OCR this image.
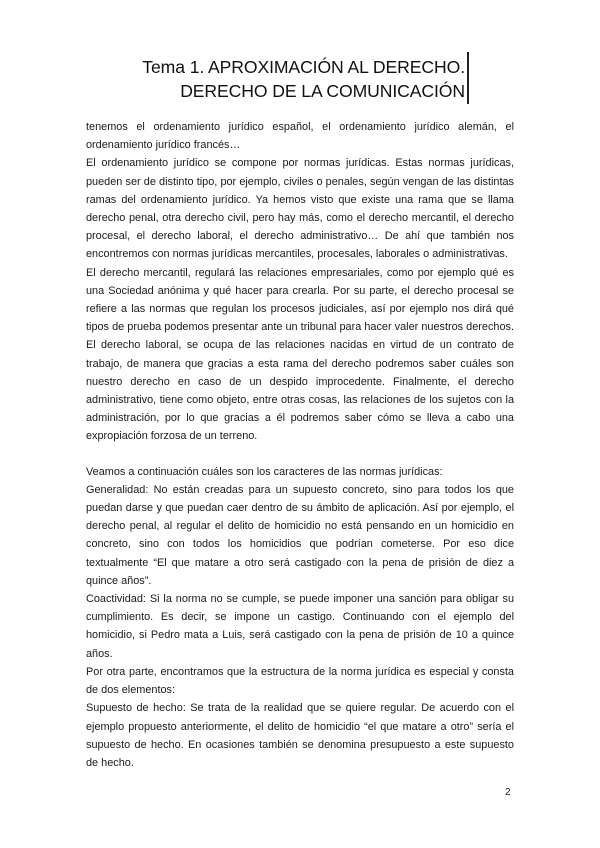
Tema 1. APROXIMACIÓN AL DERECHO.
DERECHO DE LA COMUNICACIÓN

tenemos el ordenamiento jurídico español, el ordenamiento jurídico alemán, el ordenamiento jurídico francés…

El ordenamiento jurídico se compone por normas jurídicas. Estas normas jurídicas, pueden ser de distinto tipo, por ejemplo, civiles o penales, según vengan de las distintas ramas del ordenamiento jurídico. Ya hemos visto que existe una rama que se llama derecho penal, otra derecho civil, pero hay más, como el derecho mercantil, el derecho procesal, el derecho laboral, el derecho administrativo… De ahí que también nos encontremos con normas jurídicas mercantiles, procesales, laborales o administrativas.

El derecho mercantil, regulará las relaciones empresariales, como por ejemplo qué es una Sociedad anónima y qué hacer para crearla. Por su parte, el derecho procesal se refiere a las normas que regulan los procesos judiciales, así por ejemplo nos dirá qué tipos de prueba podemos presentar ante un tribunal para hacer valer nuestros derechos. El derecho laboral, se ocupa de las relaciones nacidas en virtud de un contrato de trabajo, de manera que gracias a esta rama del derecho podremos saber cuáles son nuestro derecho en caso de un despido improcedente. Finalmente, el derecho administrativo, tiene como objeto, entre otras cosas, las relaciones de los sujetos con la administración, por lo que gracias a él podremos saber cómo se lleva a cabo una expropiación forzosa de un terreno.

Veamos a continuación cuáles son los caracteres de las normas jurídicas:

Generalidad: No están creadas para un supuesto concreto, sino para todos los que puedan darse y que puedan caer dentro de su ámbito de aplicación. Así por ejemplo, el derecho penal, al regular el delito de homicidio no está pensando en un homicidio en concreto, sino con todos los homicidios que podrían cometerse. Por eso dice textualmente “El que matare a otro será castigado con la pena de prisión de diez a quince años”.

Coactividad: Si la norma no se cumple, se puede imponer una sanción para obligar su cumplimiento. Es decir, se impone un castigo. Continuando con el ejemplo del homicidio, si Pedro mata a Luis, será castigado con la pena de prisión de 10 a quince años.

Por otra parte, encontramos que la estructura de la norma jurídica es especial y consta de dos elementos:

Supuesto de hecho: Se trata de la realidad que se quiere regular. De acuerdo con el ejemplo propuesto anteriormente, el delito de homicidio “el que matare a otro” sería el supuesto de hecho. En ocasiones también se denomina presupuesto a este supuesto de hecho.

2
